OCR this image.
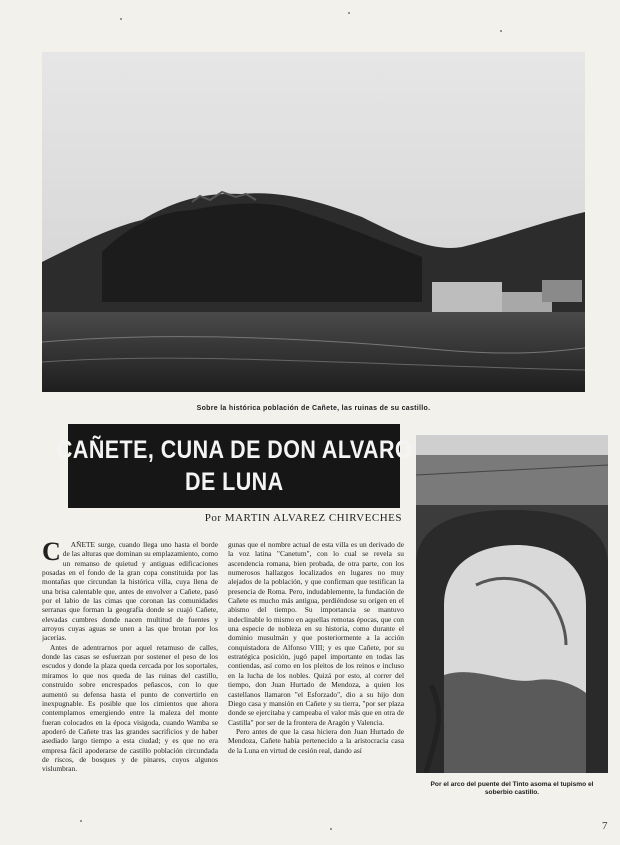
Sobre la histórica población de Cañete, las ruinas de su castillo.
CAÑETE, CUNA DE DON ALVARO
DE LUNA
Por MARTIN ALVAREZ CHIRVECHES
C	AÑETE surge, cuando llega uno hasta el borde de las alturas que dominan su emplazamiento, como un remanso de quietud y antiguas edificaciones posadas en el fondo de la gran copa constituida por las montañas que circundan la histórica villa, cuya llena de una brisa calentable que, antes de envolver a Cañete, pasó por el labio de las cimas que coronan las comunidades serranas que forman la geografía donde se cuajó Cañete, elevadas cumbres donde nacen multitud de fuentes y arroyos cuyas aguas se unen a las que brotan por los jacerías.

Antes de adentrarnos por aquel retamuso de calles, donde las casas se esfuerzan por sostener el peso de los escudos y donde la plaza queda cercada por los soportales, miramos lo que nos queda de las ruinas del castillo, construido sobre encrespados peñascos, con lo que aumentó su defensa hasta el punto de convertirlo en inexpugnable. Es posible que los cimientos que ahora contemplamos emergiendo entre la maleza del monte fueran colocados en la época visigoda, cuando Wamba se apoderó de Cañete tras las grandes sacrificios y de haber asediado largo tiempo a esta ciudad; y es que no era empresa fácil apoderarse de castillo población circundada de riscos, de bosques y de pinares, cuyos algunos vislumbran.

gunas que el nombre actual de esta villa es un derivado de la voz latina "Canetum", con lo cual se revela su ascendencia romana, bien probada, de otra parte, con los numerosos hallazgos localizados en lugares no muy alejados de la población, y que confirman que testifican la presencia de Roma. Pero, indudablemente, la fundación de Cañete es mucho más antigua, perdiéndose su origen en el abismo del tiempo. Su importancia se mantuvo indeclinable lo mismo en aquellas remotas épocas, que con una especie de nobleza en su historia, como durante el dominio musulmán y que posteriormente a la acción conquistadora de Alfonso VIII; y es que Cañete, por su estratégica posición, jugó papel importante en todas las contiendas, así como en los pleitos de los reinos e incluso en la lucha de los nobles. Quizá por esto, al correr del tiempo, don Juan Hurtado de Mendoza, a quien los castellanos llamaron "el Esforzado", dio a su hijo don Diego casa y mansión en Cañete y su tierra, "por ser plaza donde se ejercitaba y campeaba el valor más que en otra de Castilla" por ser de la frontera de Aragón y Valencia.

Pero antes de que la casa hiciera don Juan Hurtado de Mendoza, Cañete había pertenecido a la aristocracia casa de la Luna en virtud de cesión real, dando así

Por el arco del puente del Tinto asoma el tupismo el soberbio castillo.
7
